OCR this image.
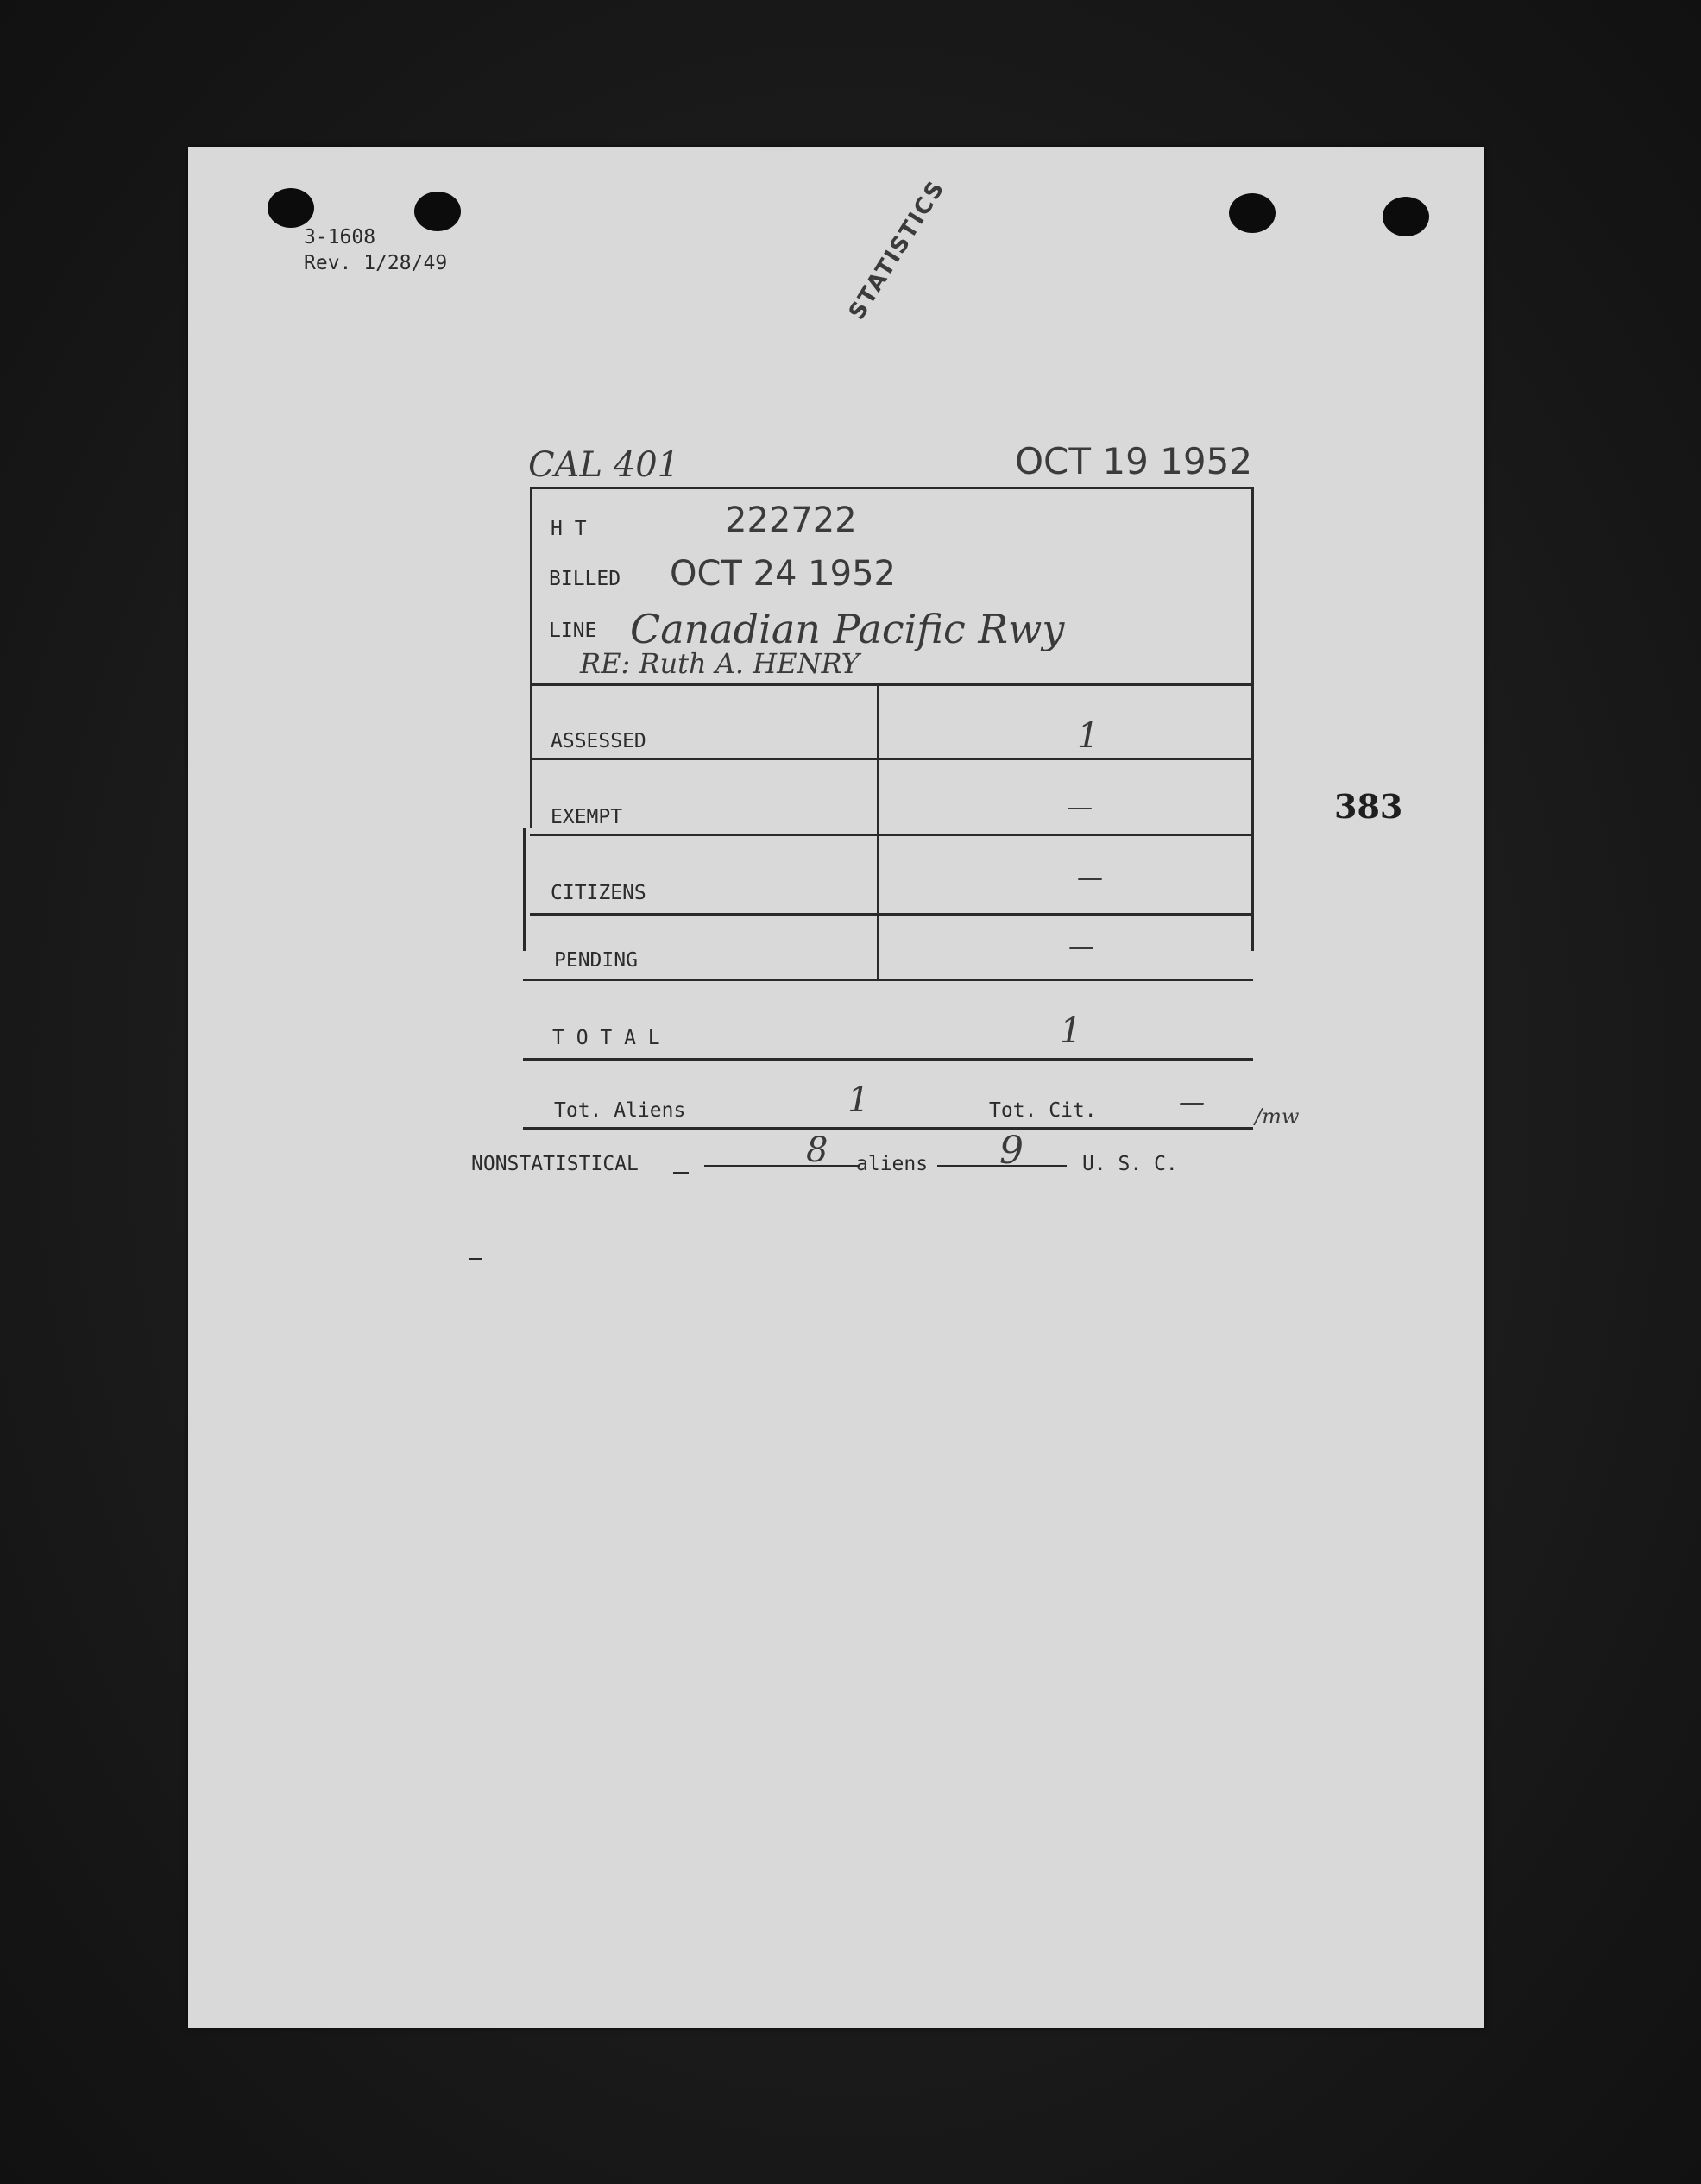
3-1608
Rev. 1/28/49	STATISTICS
CAL 401	OCT 19 1952
H T	222722
BILLED OCT 24 1952
LINE Canadian Pacific Rwy
RE: Ruth A. HENRY
ASSESSED	1
EXEMPT	—
CITIZENS	—
PENDING	—
T O T A L	1
Tot. Aliens	1	Tot. Cit.	— /mw
NONSTATISTICAL	8 aliens 9	U. S. C.
383
